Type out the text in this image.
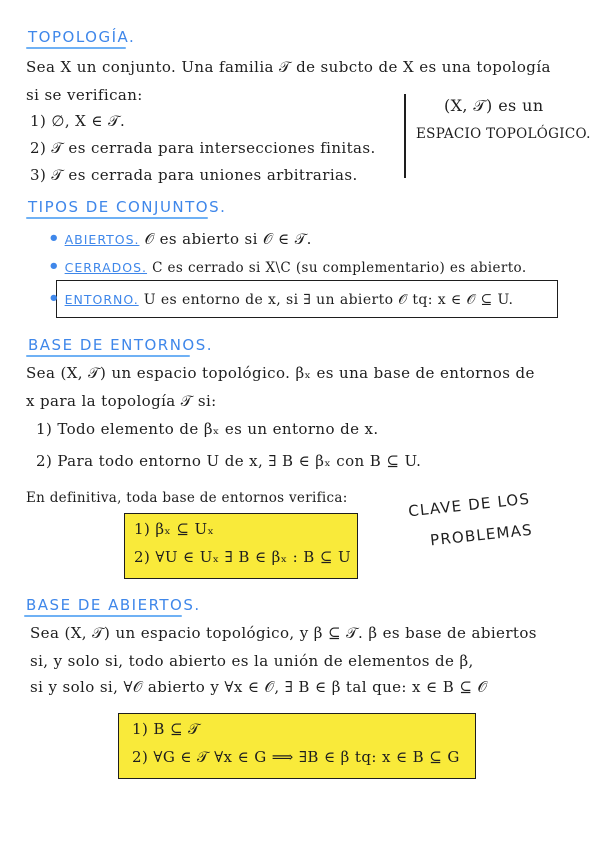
TOPOLOGÍA.
Sea X un conjunto. Una familia 𝒯 de subcto de X es una topología
si se verifican:
1) ∅, X ∈ 𝒯.
2) 𝒯 es cerrada para intersecciones finitas.
3) 𝒯 es cerrada para uniones arbitrarias.
(X, 𝒯) es un
ESPACIO TOPOLÓGICO.
TIPOS DE CONJUNTOS.
• ABIERTOS. 𝒪 es abierto si 𝒪 ∈ 𝒯.
• CERRADOS. C es cerrado si X\C (su complementario) es abierto.
• ENTORNO. U es entorno de x, si ∃ un abierto 𝒪 tq: x ∈ 𝒪 ⊆ U.
BASE DE ENTORNOS.
Sea (X, 𝒯) un espacio topológico. βₓ es una base de entornos de
x para la topología 𝒯 si:
1) Todo elemento de βₓ es un entorno de x.
2) Para todo entorno U de x, ∃ B ∈ βₓ con B ⊆ U.
En definitiva, toda base de entornos verifica:
1) βₓ ⊆ Uₓ
2) ∀U ∈ Uₓ ∃ B ∈ βₓ : B ⊆ U
CLAVE DE LOS
PROBLEMAS
BASE DE ABIERTOS.
Sea (X, 𝒯) un espacio topológico, y β ⊆ 𝒯. β es base de abiertos
si, y solo si, todo abierto es la unión de elementos de β,
si y solo si, ∀𝒪 abierto y ∀x ∈ 𝒪, ∃ B ∈ β tal que: x ∈ B ⊆ 𝒪
1) B ⊆ 𝒯
2) ∀G ∈ 𝒯 ∀x ∈ G ⟹ ∃B ∈ β tq: x ∈ B ⊆ G
